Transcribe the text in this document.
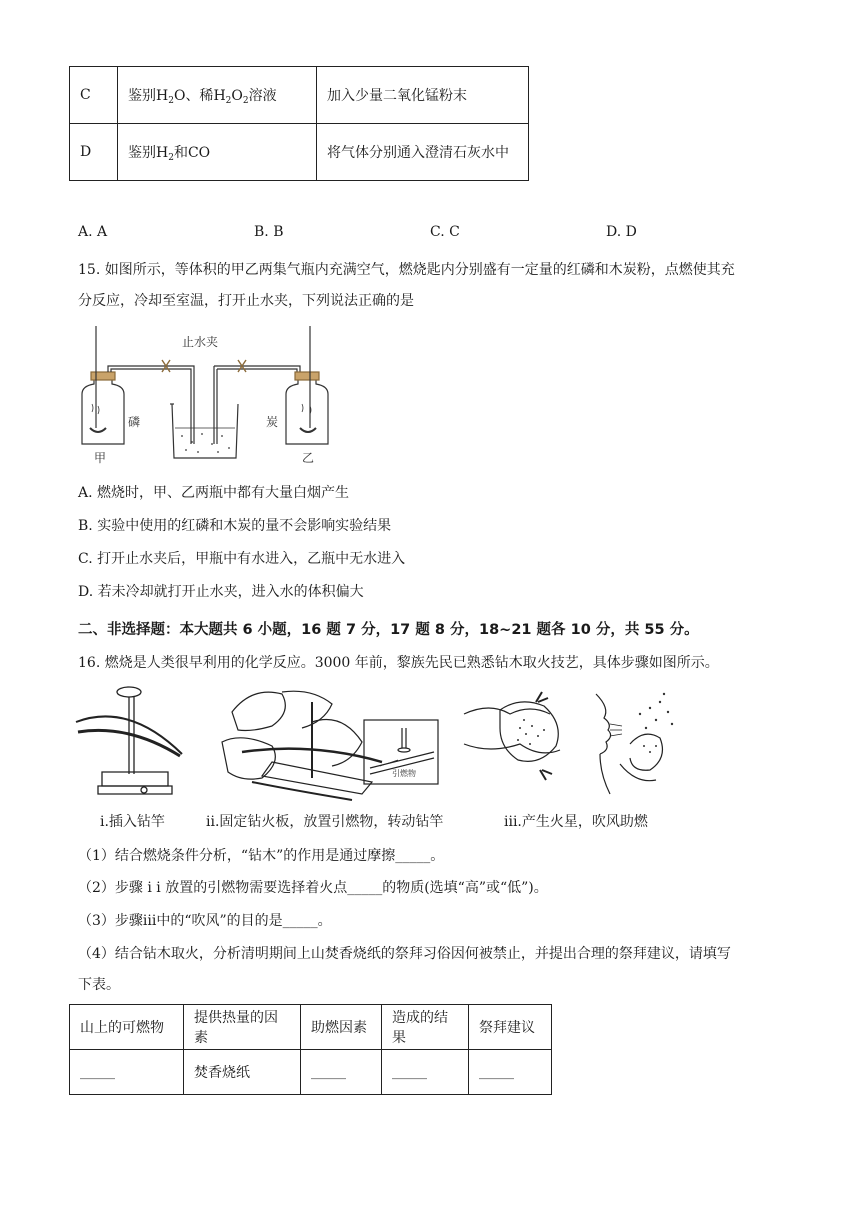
C	鉴别$H_2O$、稀$H_2O_2$溶液	加入少量二氧化锰粉末
D	鉴别$H_2$和CO	将气体分别通入澄清石灰水中
A. A	B. B	C. C	D. D
15. 如图所示，等体积的甲乙两集气瓶内充满空气，燃烧匙内分别盛有一定量的红磷和木炭粉，点燃使其充
分反应，冷却至室温，打开止水夹，下列说法正确的是
止水夹
磷	炭
甲	乙
A. 燃烧时，甲、乙两瓶中都有大量白烟产生
B. 实验中使用的红磷和木炭的量不会影响实验结果
C. 打开止水夹后，甲瓶中有水进入，乙瓶中无水进入
D. 若未冷却就打开止水夹，进入水的体积偏大
二、非选择题：本大题共 6 小题，16 题 7 分，17 题 8 分，18~21 题各 10 分，共 55 分。
16. 燃烧是人类很早利用的化学反应。3000 年前，黎族先民已熟悉钻木取火技艺，具体步骤如图所示。
引燃物
i.插入钻竿	ii.固定钻火板，放置引燃物，转动钻竿	iii.产生火星，吹风助燃
（1）结合燃烧条件分析，“钻木”的作用是通过摩擦_____。
（2）步骤 i i 放置的引燃物需要选择着火点_____的物质(选填“高”或“低”)。
（3）步骤iii中的“吹风”的目的是_____。
（4）结合钻木取火，分析清明期间上山焚香烧纸的祭拜习俗因何被禁止，并提出合理的祭拜建议，请填写
下表。
山上的可燃物	提供热量的因素	助燃因素	造成的结果	祭拜建议
_____	焚香烧纸	_____	_____	_____
